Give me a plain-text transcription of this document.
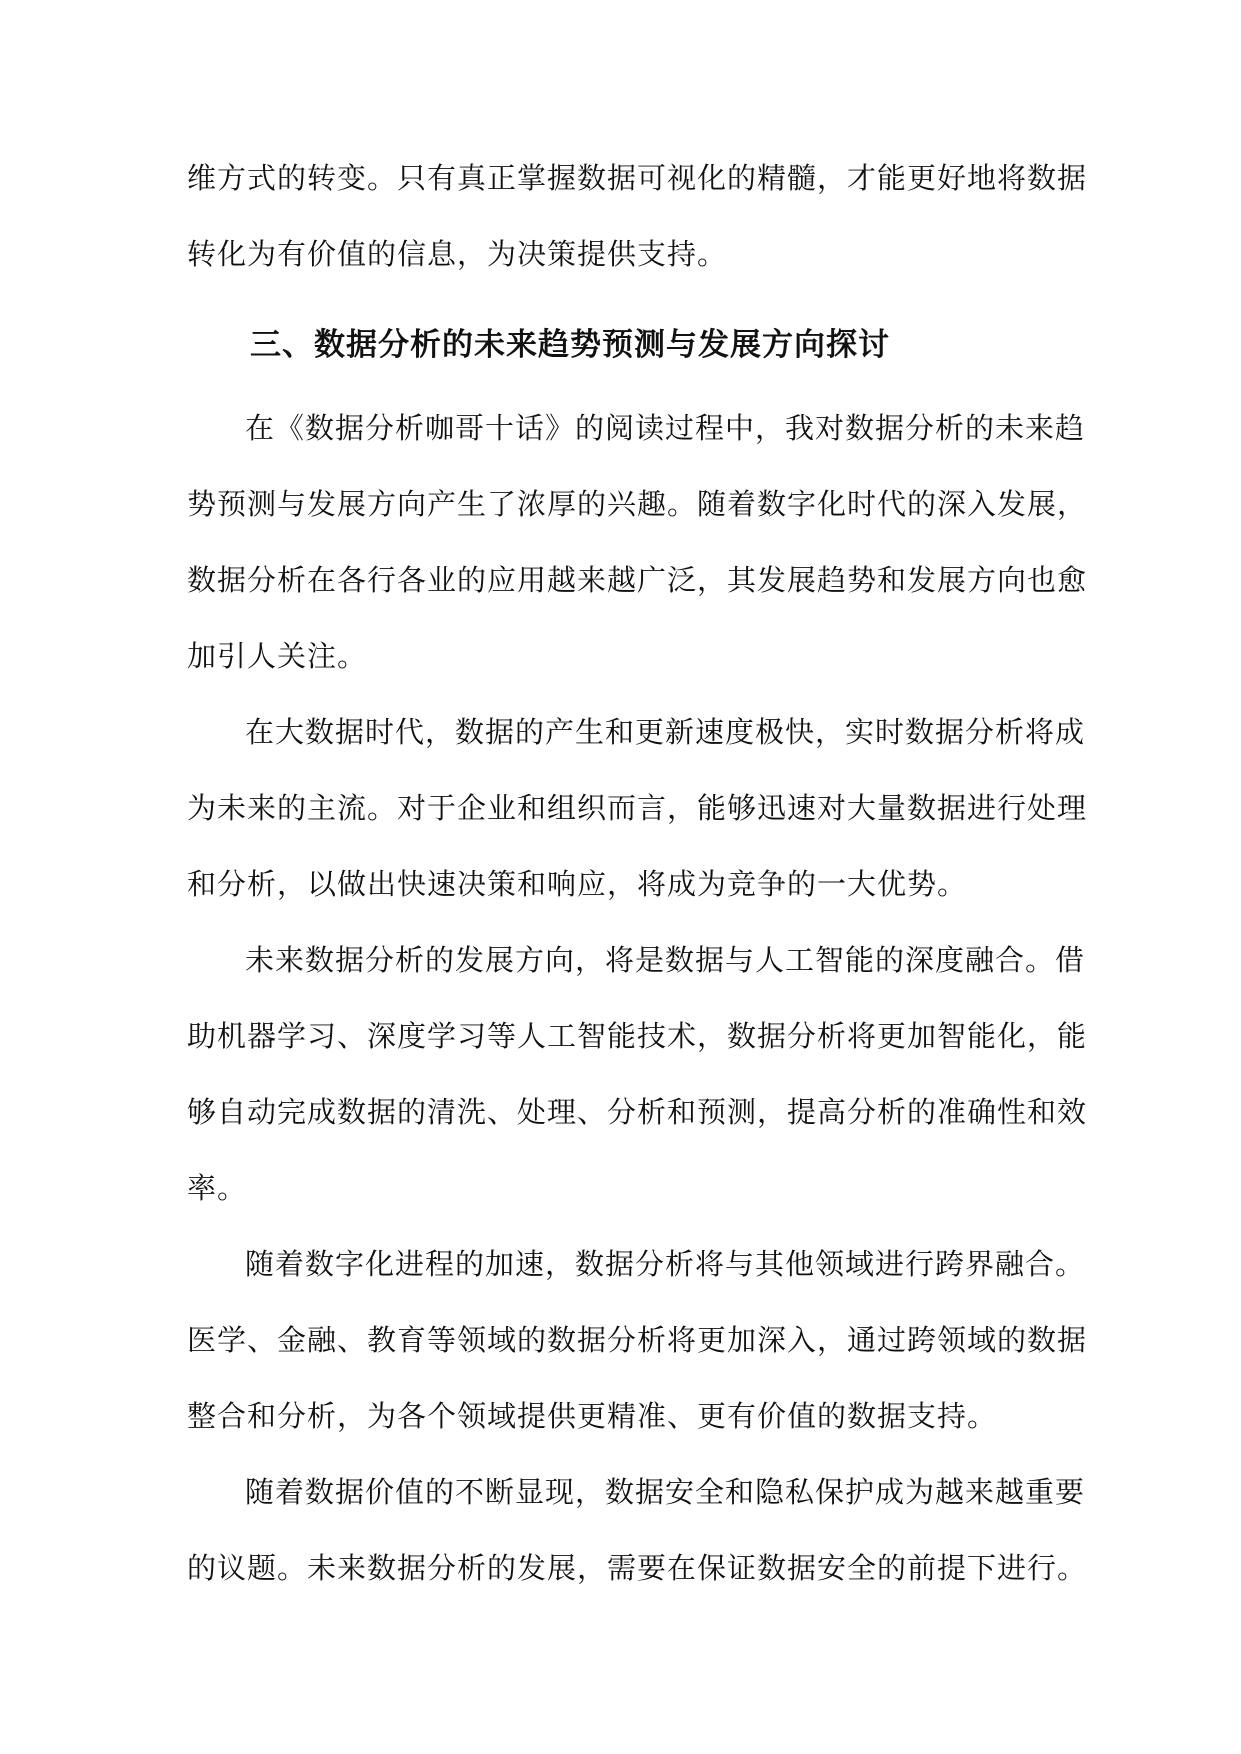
维方式的转变。只有真正掌握数据可视化的精髓，才能更好地将数据
转化为有价值的信息，为决策提供支持。
三、数据分析的未来趋势预测与发展方向探讨
在《数据分析咖哥十话》的阅读过程中，我对数据分析的未来趋
势预测与发展方向产生了浓厚的兴趣。随着数字化时代的深入发展，
数据分析在各行各业的应用越来越广泛，其发展趋势和发展方向也愈
加引人关注。
在大数据时代，数据的产生和更新速度极快，实时数据分析将成
为未来的主流。对于企业和组织而言，能够迅速对大量数据进行处理
和分析，以做出快速决策和响应，将成为竞争的一大优势。
未来数据分析的发展方向，将是数据与人工智能的深度融合。借
助机器学习、深度学习等人工智能技术，数据分析将更加智能化，能
够自动完成数据的清洗、处理、分析和预测，提高分析的准确性和效
率。
随着数字化进程的加速，数据分析将与其他领域进行跨界融合。
医学、金融、教育等领域的数据分析将更加深入，通过跨领域的数据
整合和分析，为各个领域提供更精准、更有价值的数据支持。
随着数据价值的不断显现，数据安全和隐私保护成为越来越重要
的议题。未来数据分析的发展，需要在保证数据安全的前提下进行。
